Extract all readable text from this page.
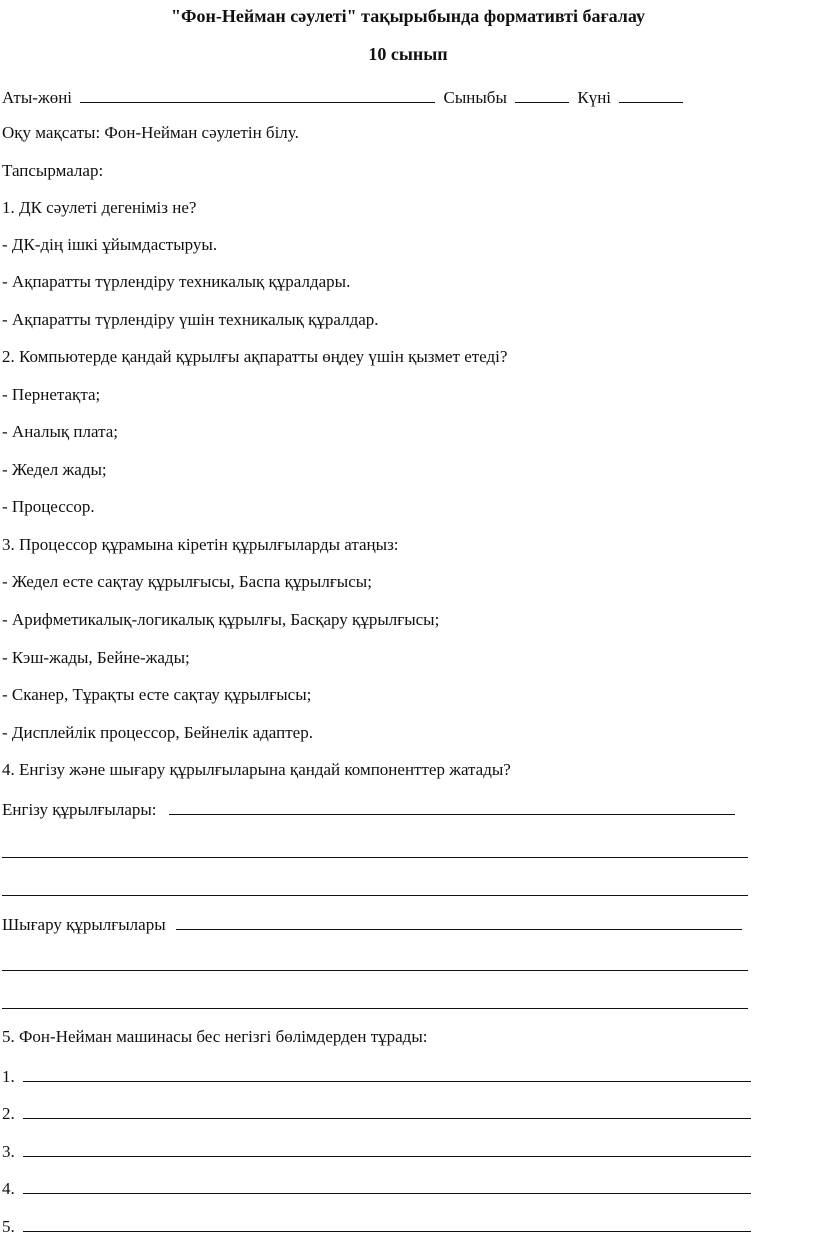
"Фон-Нейман сәулеті" тақырыбында формативті бағалау
10 сынып
Аты-жөні	Сыныбы	Күні
Оқу мақсаты: Фон-Нейман сәулетін білу.
Тапсырмалар:
1. ДК сәулеті дегеніміз не?
- ДК-дің ішкі ұйымдастыруы.
- Ақпаратты түрлендіру техникалық құралдары.
- Ақпаратты түрлендіру үшін техникалық құралдар.
2. Компьютерде қандай құрылғы ақпаратты өңдеу үшін қызмет етеді?
- Пернетақта;
- Аналық плата;
- Жедел жады;
- Процессор.
3. Процессор құрамына кіретін құрылғыларды атаңыз:
- Жедел есте сақтау құрылғысы, Баспа құрылғысы;
- Арифметикалық-логикалық құрылғы, Басқару құрылғысы;
- Кэш-жады, Бейне-жады;
- Сканер, Тұрақты есте сақтау құрылғысы;
- Дисплейлік процессор, Бейнелік адаптер.
4. Енгізу және шығару құрылғыларына қандай компоненттер жатады?
Енгізу құрылғылары:
Шығару құрылғылары
5. Фон-Нейман машинасы бес негізгі бөлімдерден тұрады:
1.
2.
3.
4.
5.
